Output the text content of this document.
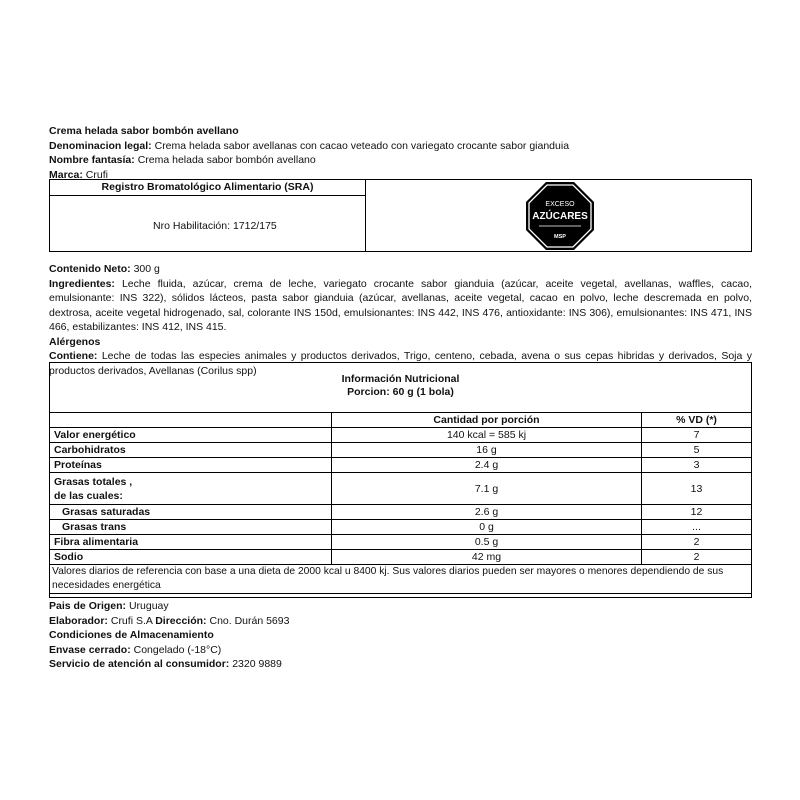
Crema helada sabor bombón avellano
Denominacion legal: Crema helada sabor avellanas con cacao veteado con variegato crocante sabor gianduia
Nombre fantasía: Crema helada sabor bombón avellano
Marca: Crufi
Registro Bromatológico Alimentario (SRA)
Nro Habilitación: 1712/175
EXCESO
AZÚCARES
MSP
Contenido Neto: 300 g
Ingredientes: Leche fluida, azúcar, crema de leche, variegato crocante sabor gianduia (azúcar, aceite vegetal, avellanas, waffles, cacao, emulsionante: INS 322), sólidos lácteos, pasta sabor gianduia (azúcar, avellanas, aceite vegetal, cacao en polvo, leche descremada en polvo, dextrosa, aceite vegetal hidrogenado, sal, colorante INS 150d, emulsionantes: INS 442, INS 476, antioxidante: INS 306), emulsionantes: INS 471, INS 466, estabilizantes: INS 412, INS 415.
Alérgenos
Contiene: Leche de todas las especies animales y productos derivados, Trigo, centeno, cebada, avena o sus cepas hibridas y derivados, Soja y productos derivados, Avellanas (Corilus spp)
Información Nutricional
Porcion: 60 g (1 bola)
	Cantidad por porción	% VD (*)
Valor energético	140 kcal = 585 kj	7
Carbohidratos	16 g	5
Proteínas	2.4 g	3

Grasas totales ,
de las cuales:	7.1 g	13
Grasas saturadas	2.6 g	12
Grasas trans	0 g	...
Fibra alimentaria	0.5 g	2
Sodio	42 mg	2
Valores diarios de referencia con base a una dieta de 2000 kcal u 8400 kj. Sus valores diarios pueden ser mayores o menores dependiendo de sus necesidades energética		
Pais de Origen: Uruguay
Elaborador: Crufi S.A Dirección: Cno. Durán 5693
Condiciones de Almacenamiento
Envase cerrado: Congelado (-18°C)
Servicio de atención al consumidor: 2320 9889
